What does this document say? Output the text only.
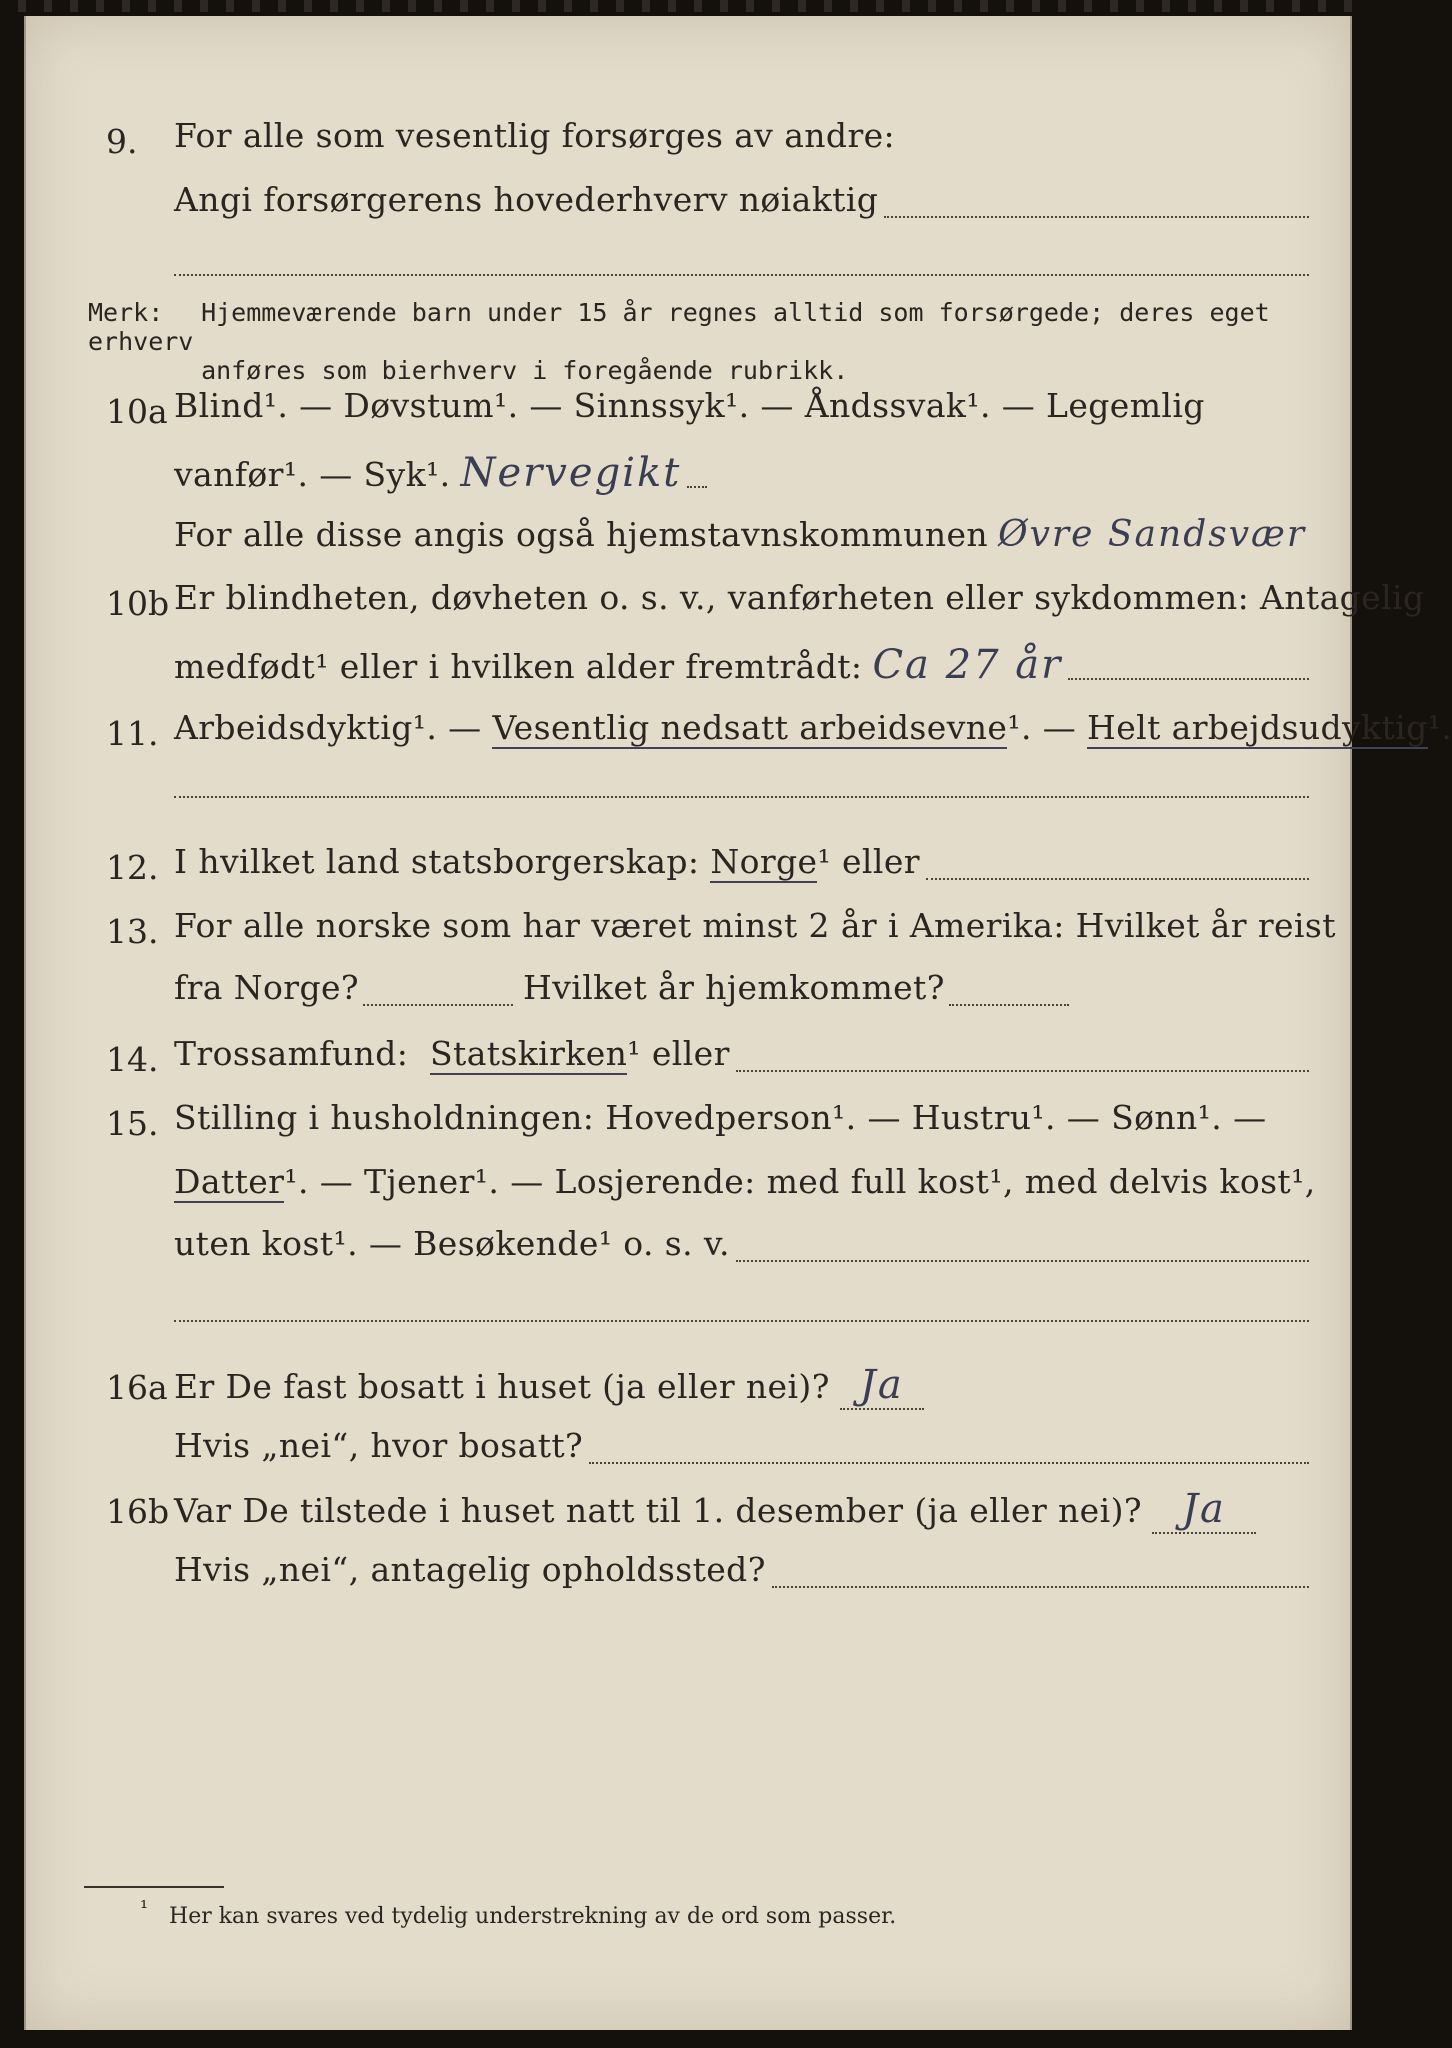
9. For alle som vesentlig forsørges av andre:
Angi forsørgerens hovederhverv nøiaktig
Merk: Hjemmeværende barn under 15 år regnes alltid som forsørgede; deres eget erhverv
anføres som bierhverv i foregående rubrikk.
10a Blind¹. — Døvstum¹. — Sinnssyk¹. — Åndssvak¹. — Legemlig
vanfør¹. — Syk¹. Nervegikt
For alle disse angis også hjemstavnskommunen Øvre Sandsvær
10b Er blindheten, døvheten o. s. v., vanførheten eller sykdommen: Antagelig
medfødt¹ eller i hvilken alder fremtrådt: Ca 27 år
11. Arbeidsdyktig¹. —
Vesentlig nedsatt arbeidsevne ¹. —
Helt arbejdsudyktig ¹.
12. I hvilket land statsborgerskap:
Norge ¹ eller
13. For alle norske som har været minst 2 år i Amerika: Hvilket år reist
fra Norge?	Hvilket år hjemkommet?
14. Trossamfund:
Statskirken ¹ eller
15. Stilling i husholdningen: Hovedperson¹. — Hustru¹. — Sønn¹. —
Datter ¹. — Tjener¹. — Losjerende: med full kost¹, med delvis kost¹,
uten kost¹. — Besøkende¹ o. s. v.
16a Er De fast bosatt i huset (ja eller nei)? Ja
Hvis „nei“, hvor bosatt?
16b Var De tilstede i huset natt til 1. desember (ja eller nei)?	Ja
Hvis „nei“, antagelig opholdssted?
¹ Her kan svares ved tydelig understrekning av de ord som passer.
